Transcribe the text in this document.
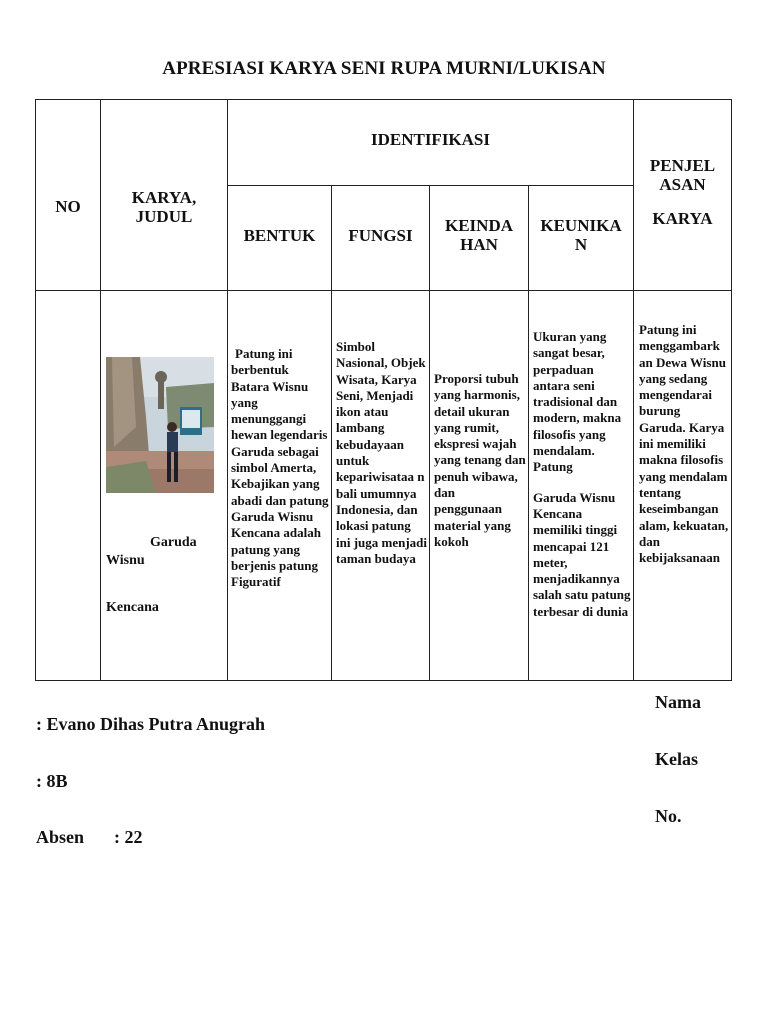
APRESIASI KARYA SENI RUPA MURNI/LUKISAN
NO	KARYA,
JUDUL
IDENTIFIKASI
BENTUK	FUNGSI
KEINDA
HAN
KEUNIKA
N
PENJEL
ASAN
KARYA
Garuda
Wisnu
Kencana
Patung ini berbentuk Batara Wisnu yang menunggangi hewan legendaris Garuda sebagai simbol Amerta, Kebajikan yang abadi dan patung Garuda Wisnu Kencana adalah patung yang berjenis patung Figuratif
Simbol Nasional, Objek Wisata, Karya Seni, Menjadi ikon atau lambang kebudayaan untuk kepariwisataa n bali umumnya Indonesia, dan lokasi patung ini juga menjadi taman budaya
Proporsi tubuh yang harmonis, detail ukuran yang rumit, ekspresi wajah yang tenang dan penuh wibawa, dan penggunaan material yang kokoh

Ukuran yang sangat besar, perpaduan antara seni tradisional dan modern, makna filosofis yang mendalam. Patung

Garuda Wisnu Kencana memiliki tinggi mencapai 121 meter, menjadikannya salah satu patung terbesar di dunia

Patung ini menggambark an Dewa Wisnu yang sedang mengendarai burung Garuda. Karya ini memiliki makna filosofis yang mendalam tentang keseimbangan alam, kekuatan, dan kebijaksanaan
Nama
: Evano Dihas Putra Anugrah
Kelas
: 8B
No.
Absen : 22
